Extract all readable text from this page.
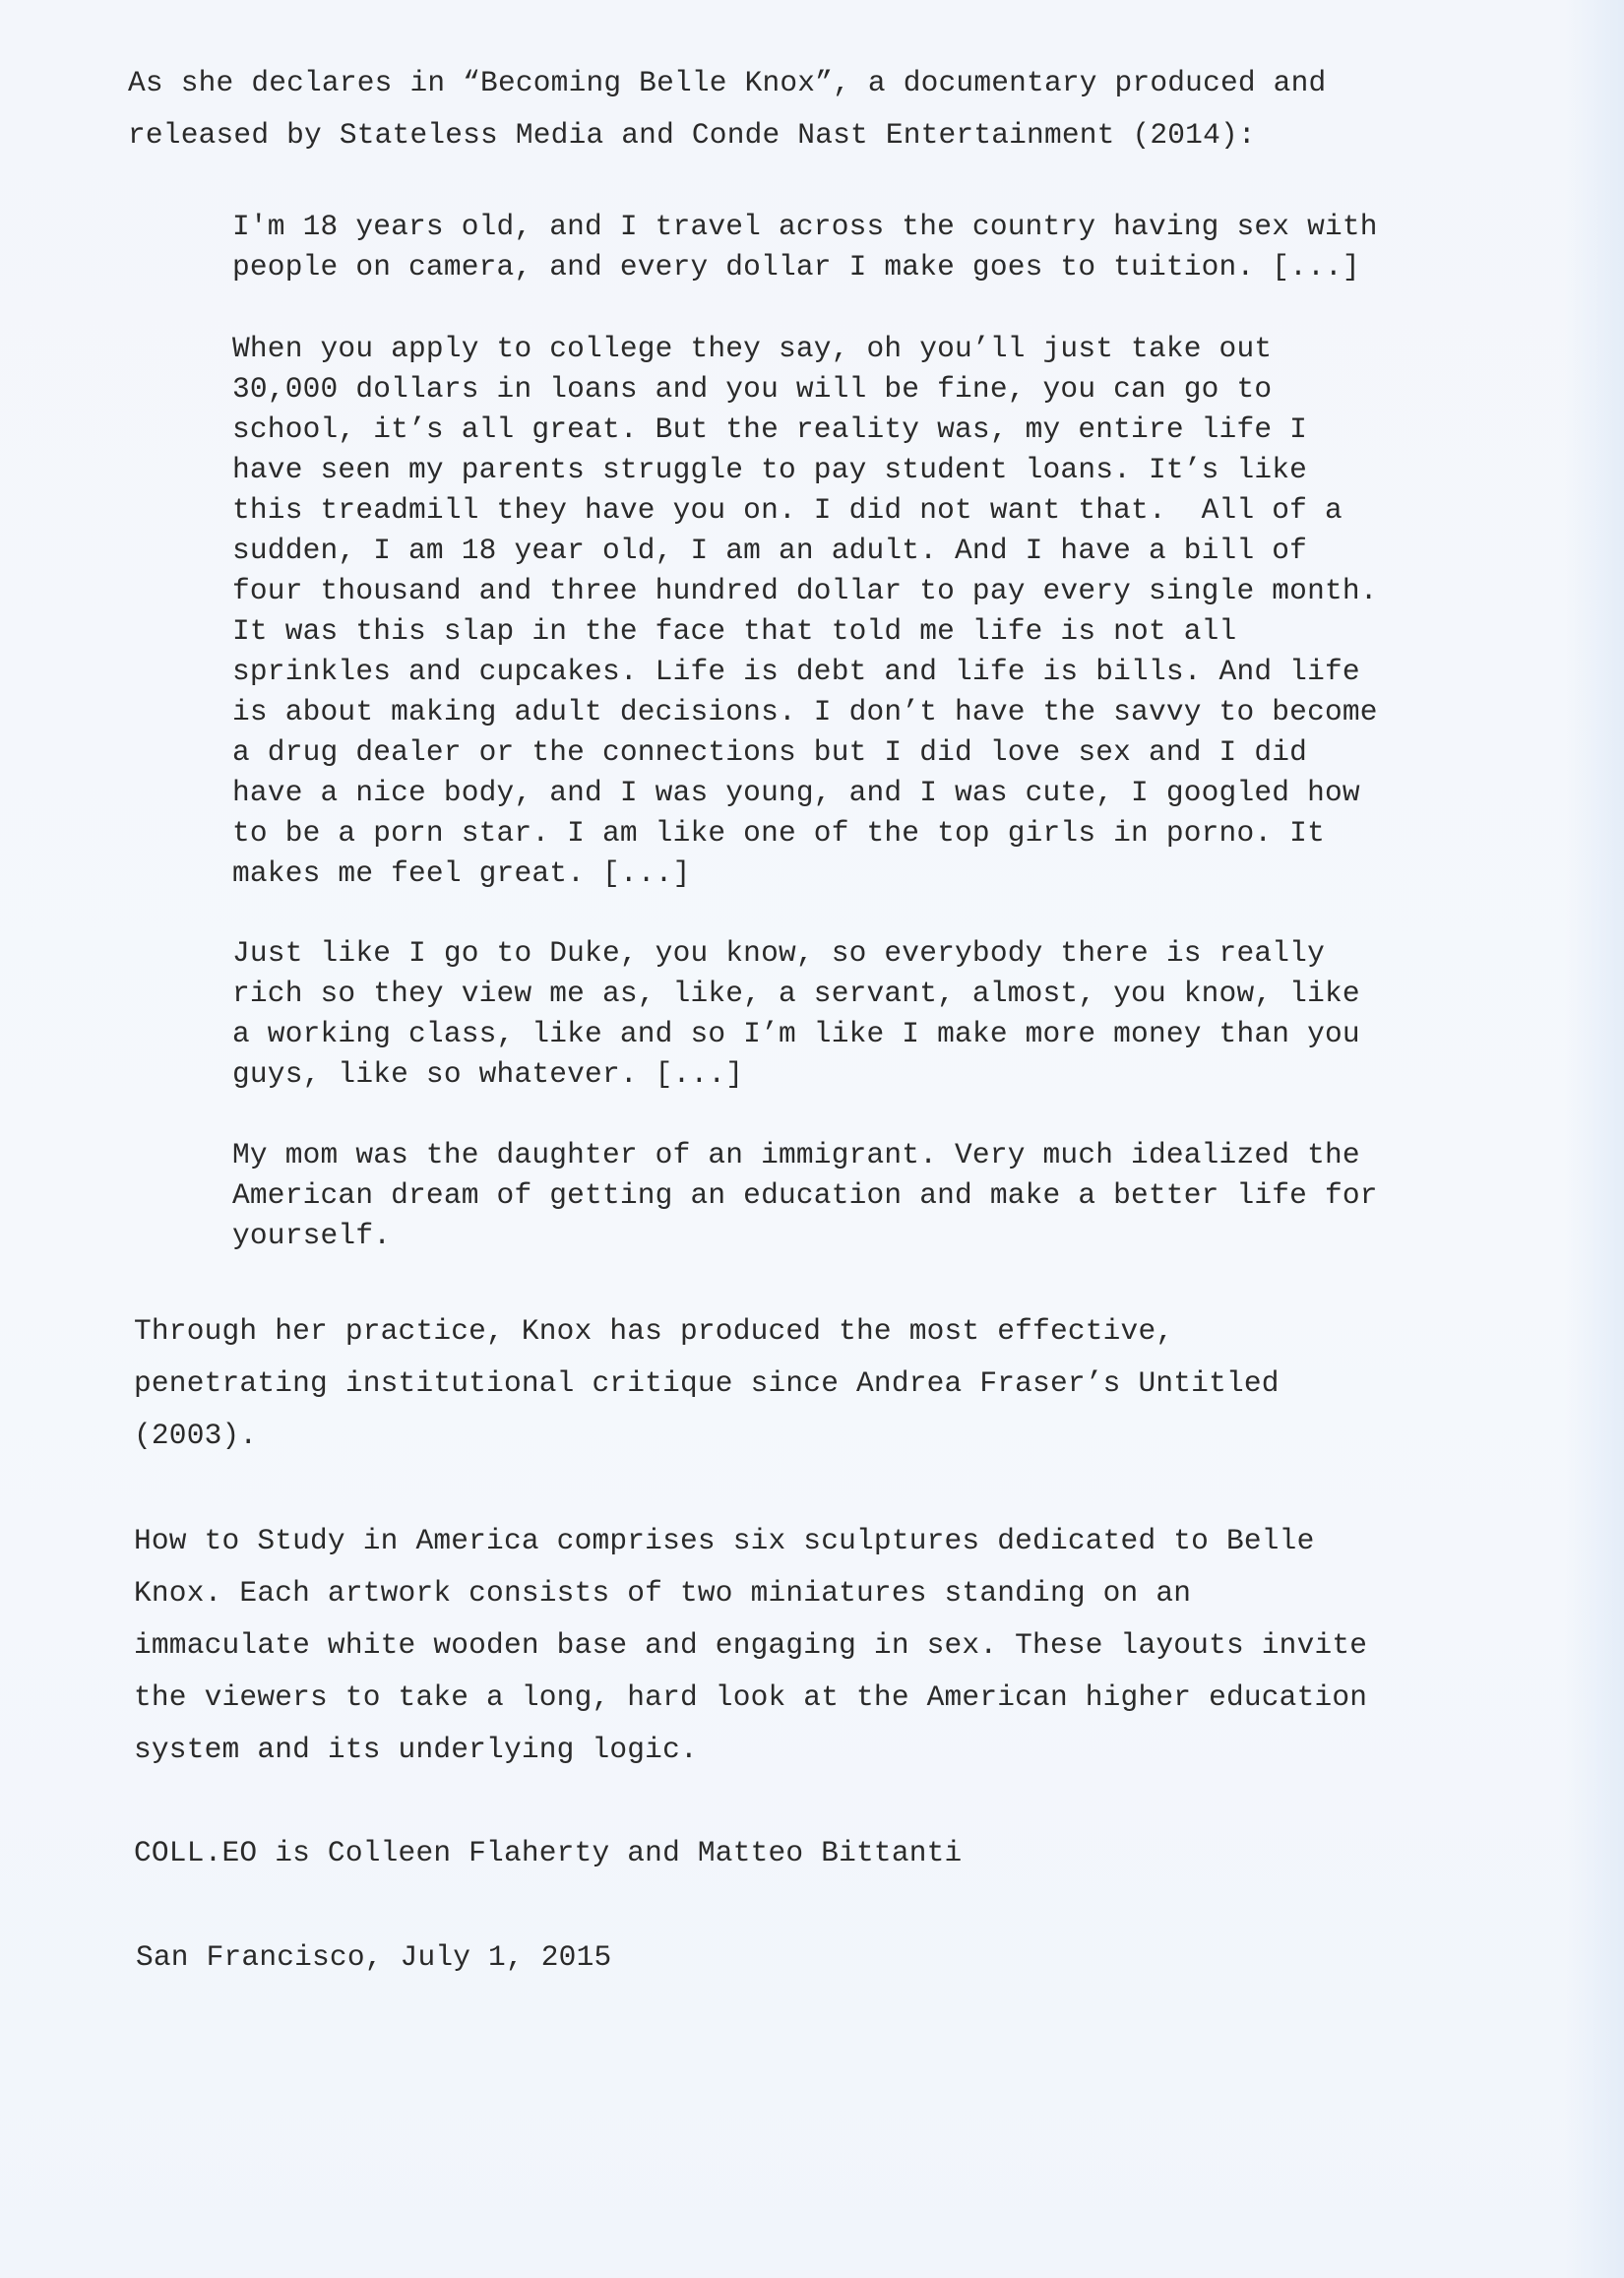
As she declares in “Becoming Belle Knox”, a documentary produced and
released by Stateless Media and Conde Nast Entertainment (2014):
I'm 18 years old, and I travel across the country having sex with
people on camera, and every dollar I make goes to tuition. [...]
When you apply to college they say, oh you’ll just take out
30,000 dollars in loans and you will be fine, you can go to
school, it’s all great. But the reality was, my entire life I
have seen my parents struggle to pay student loans. It’s like
this treadmill they have you on. I did not want that.  All of a
sudden, I am 18 year old, I am an adult. And I have a bill of
four thousand and three hundred dollar to pay every single month.
It was this slap in the face that told me life is not all
sprinkles and cupcakes. Life is debt and life is bills. And life
is about making adult decisions. I don’t have the savvy to become
a drug dealer or the connections but I did love sex and I did
have a nice body, and I was young, and I was cute, I googled how
to be a porn star. I am like one of the top girls in porno. It
makes me feel great. [...]
Just like I go to Duke, you know, so everybody there is really
rich so they view me as, like, a servant, almost, you know, like
a working class, like and so I’m like I make more money than you
guys, like so whatever. [...]
My mom was the daughter of an immigrant. Very much idealized the
American dream of getting an education and make a better life for
yourself.
Through her practice, Knox has produced the most effective,
penetrating institutional critique since Andrea Fraser’s Untitled
(2003).
How to Study in America comprises six sculptures dedicated to Belle
Knox. Each artwork consists of two miniatures standing on an
immaculate white wooden base and engaging in sex. These layouts invite
the viewers to take a long, hard look at the American higher education
system and its underlying logic.
COLL.EO is Colleen Flaherty and Matteo Bittanti
San Francisco, July 1, 2015
